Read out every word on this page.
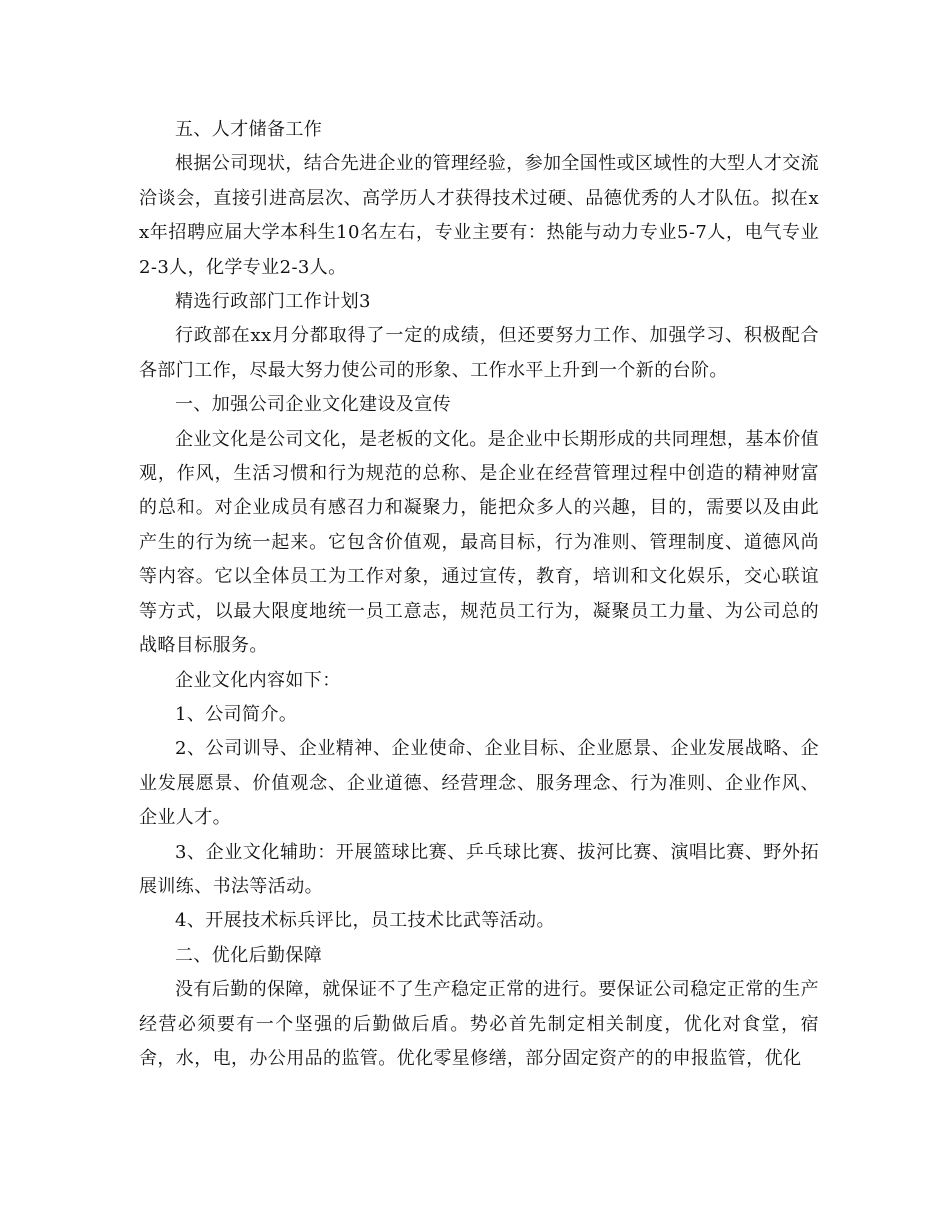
五、人才储备工作

根据公司现状，结合先进企业的管理经验，参加全国性或区域性的大型人才交流洽谈会，直接引进高层次、高学历人才获得技术过硬、品德优秀的人才队伍。拟在xx年招聘应届大学本科生10名左右，专业主要有：热能与动力专业5-7人，电气专业2-3人，化学专业2-3人。

精选行政部门工作计划3

行政部在xx月分都取得了一定的成绩，但还要努力工作、加强学习、积极配合各部门工作，尽最大努力使公司的形象、工作水平上升到一个新的台阶。

一、加强公司企业文化建设及宣传

企业文化是公司文化，是老板的文化。是企业中长期形成的共同理想，基本价值观，作风，生活习惯和行为规范的总称、是企业在经营管理过程中创造的精神财富的总和。对企业成员有感召力和凝聚力，能把众多人的兴趣，目的，需要以及由此产生的行为统一起来。它包含价值观，最高目标，行为准则、管理制度、道德风尚等内容。它以全体员工为工作对象，通过宣传，教育，培训和文化娱乐，交心联谊等方式，以最大限度地统一员工意志，规范员工行为，凝聚员工力量、为公司总的战略目标服务。

企业文化内容如下：

1、公司简介。

2、公司训导、企业精神、企业使命、企业目标、企业愿景、企业发展战略、企业发展愿景、价值观念、企业道德、经营理念、服务理念、行为准则、企业作风、企业人才。

3、企业文化辅助：开展篮球比赛、乒乓球比赛、拔河比赛、演唱比赛、野外拓展训练、书法等活动。

4、开展技术标兵评比，员工技术比武等活动。

二、优化后勤保障

没有后勤的保障，就保证不了生产稳定正常的进行。要保证公司稳定正常的生产经营必须要有一个坚强的后勤做后盾。势必首先制定相关制度，优化对食堂，宿舍，水，电，办公用品的监管。优化零星修缮，部分固定资产的的申报监管，优化
